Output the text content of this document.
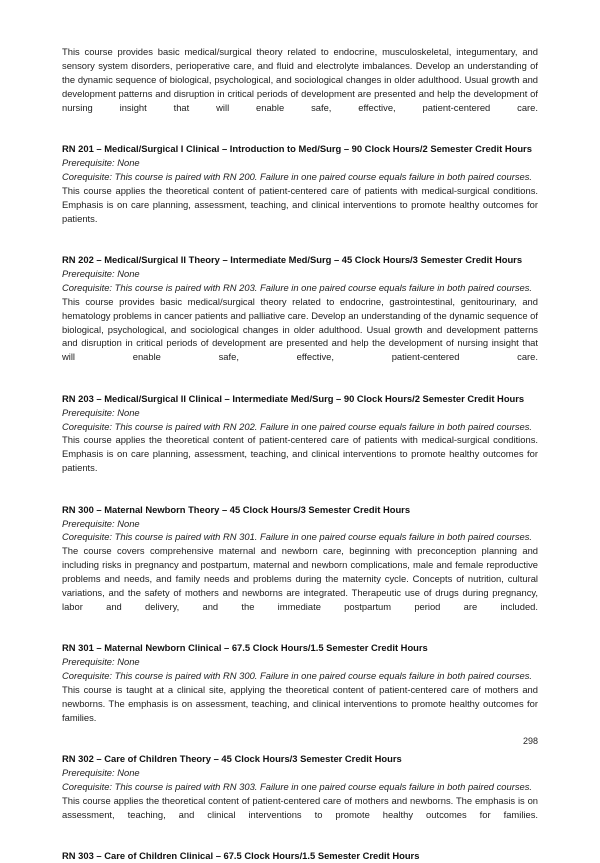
This course provides basic medical/surgical theory related to endocrine, musculoskeletal, integumentary, and sensory system disorders, perioperative care, and fluid and electrolyte imbalances. Develop an understanding of the dynamic sequence of biological, psychological, and sociological changes in older adulthood. Usual growth and development patterns and disruption in critical periods of development are presented and help the development of nursing insight that will enable safe, effective, patient-centered care.

RN 201 – Medical/Surgical I Clinical – Introduction to Med/Surg – 90 Clock Hours/2 Semester Credit Hours

Prerequisite: None

Corequisite: This course is paired with RN 200. Failure in one paired course equals failure in both paired courses.

This course applies the theoretical content of patient-centered care of patients with medical-surgical conditions. Emphasis is on care planning, assessment, teaching, and clinical interventions to promote healthy outcomes for patients.

RN 202 – Medical/Surgical II Theory – Intermediate Med/Surg – 45 Clock Hours/3 Semester Credit Hours

Prerequisite: None

Corequisite: This course is paired with RN 203. Failure in one paired course equals failure in both paired courses.

This course provides basic medical/surgical theory related to endocrine, gastrointestinal, genitourinary, and hematology problems in cancer patients and palliative care. Develop an understanding of the dynamic sequence of biological, psychological, and sociological changes in older adulthood. Usual growth and development patterns and disruption in critical periods of development are presented and help the development of nursing insight that will enable safe, effective, patient-centered care.

RN 203 – Medical/Surgical II Clinical – Intermediate Med/Surg – 90 Clock Hours/2 Semester Credit Hours

Prerequisite: None

Corequisite: This course is paired with RN 202. Failure in one paired course equals failure in both paired courses.

This course applies the theoretical content of patient-centered care of patients with medical-surgical conditions. Emphasis is on care planning, assessment, teaching, and clinical interventions to promote healthy outcomes for patients.

RN 300 – Maternal Newborn Theory – 45 Clock Hours/3 Semester Credit Hours

Prerequisite: None

Corequisite: This course is paired with RN 301. Failure in one paired course equals failure in both paired courses.

The course covers comprehensive maternal and newborn care, beginning with preconception planning and including risks in pregnancy and postpartum, maternal and newborn complications, male and female reproductive problems and needs, and family needs and problems during the maternity cycle. Concepts of nutrition, cultural variations, and the safety of mothers and newborns are integrated. Therapeutic use of drugs during pregnancy, labor and delivery, and the immediate postpartum period are included.

RN 301 – Maternal Newborn Clinical – 67.5 Clock Hours/1.5 Semester Credit Hours

Prerequisite: None

Corequisite: This course is paired with RN 300. Failure in one paired course equals failure in both paired courses.

This course is taught at a clinical site, applying the theoretical content of patient-centered care of mothers and newborns. The emphasis is on assessment, teaching, and clinical interventions to promote healthy outcomes for families.

RN 302 – Care of Children Theory – 45 Clock Hours/3 Semester Credit Hours

Prerequisite: None

Corequisite: This course is paired with RN 303. Failure in one paired course equals failure in both paired courses.

This course applies the theoretical content of patient-centered care of mothers and newborns. The emphasis is on assessment, teaching, and clinical interventions to promote healthy outcomes for families.

RN 303 – Care of Children Clinical – 67.5 Clock Hours/1.5 Semester Credit Hours

298
